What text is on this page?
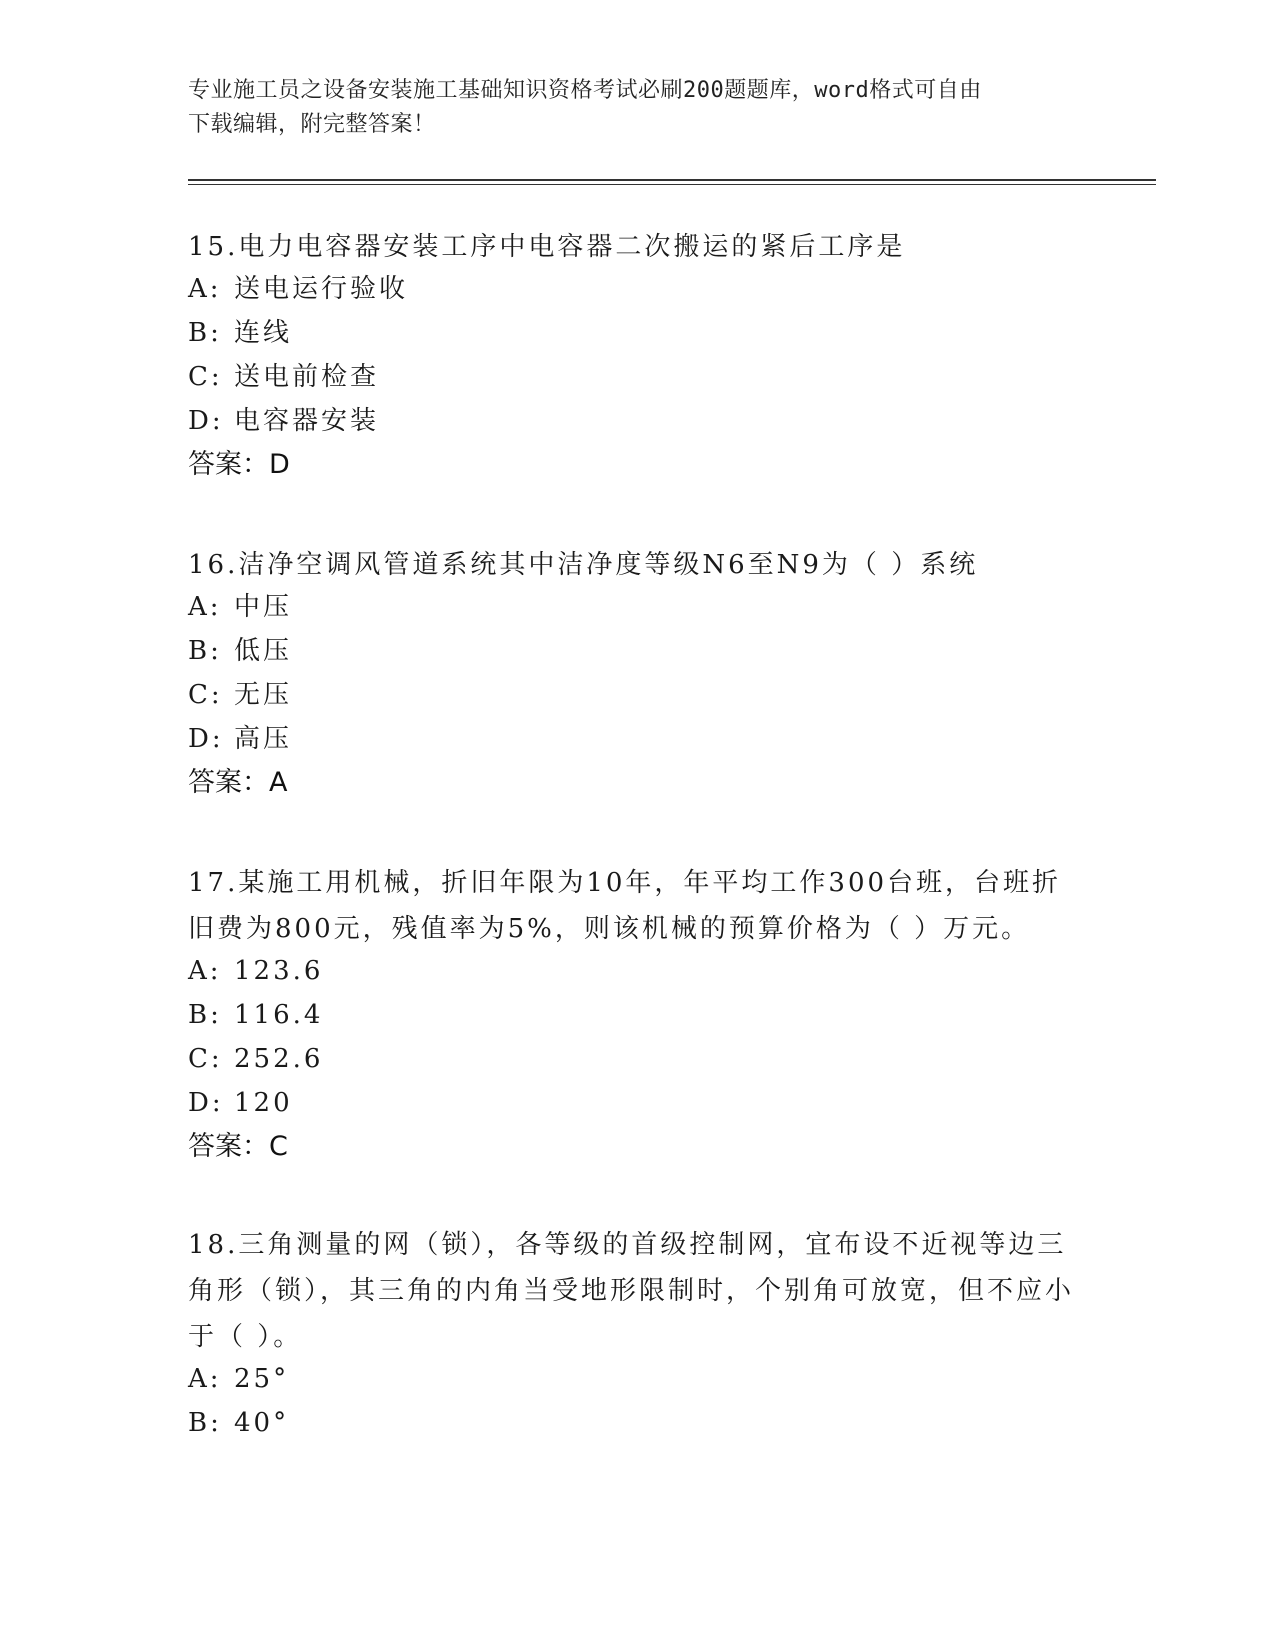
专业施工员之设备安装施工基础知识资格考试必刷200题题库，word格式可自由
下载编辑，附完整答案！
15.电力电容器安装工序中电容器二次搬运的紧后工序是
A: 送电运行验收
B: 连线
C: 送电前检查
D: 电容器安装
答案：D
16.洁净空调风管道系统其中洁净度等级N6至N9为（ ）系统
A: 中压
B: 低压
C: 无压
D: 高压
答案：A
17.某施工用机械，折旧年限为10年，年平均工作300台班，台班折旧费为800元，残值率为5%，则该机械的预算价格为（ ）万元。
A: 123.6
B: 116.4
C: 252.6
D: 120
答案：C
18.三角测量的网（锁），各等级的首级控制网，宜布设不近视等边三角形（锁），其三角的内角当受地形限制时，个别角可放宽，但不应小于（ ）。
A: 25°
B: 40°
